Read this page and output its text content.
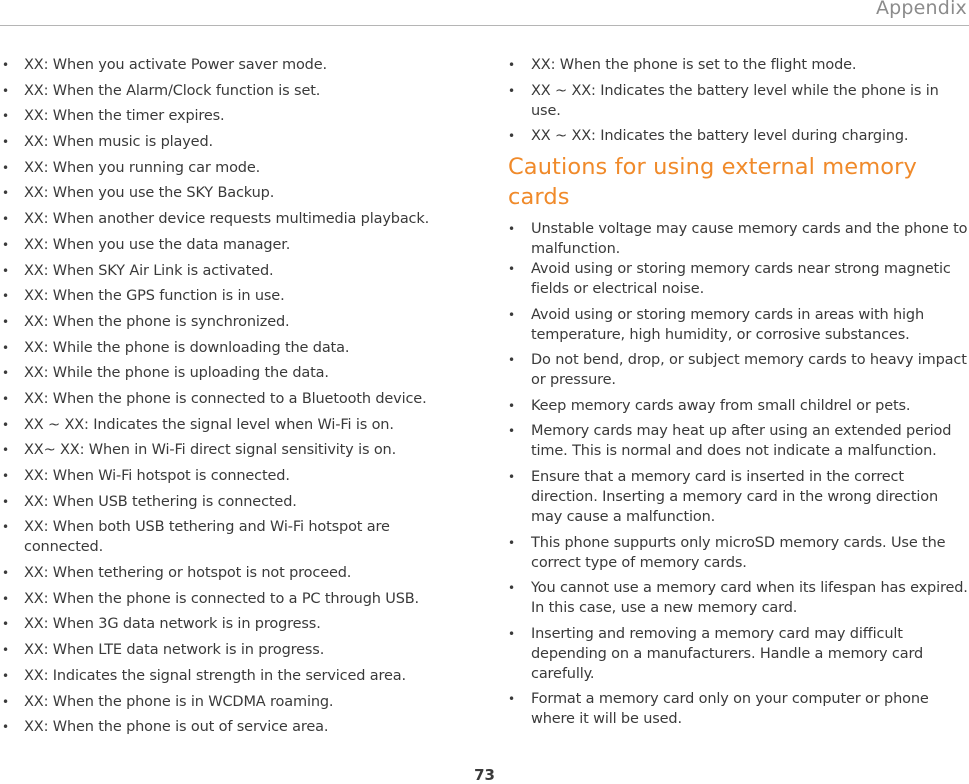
Appendix
• XX: When you activate Power saver mode.
• XX: When the Alarm/Clock function is set.
• XX: When the timer expires.
• XX: When music is played.
• XX: When you running car mode.
• XX: When you use the SKY Backup.
• XX: When another device requests multimedia playback.
• XX: When you use the data manager.
• XX: When SKY Air Link is activated.
• XX: When the GPS function is in use.
• XX: When the phone is synchronized.
• XX: While the phone is downloading the data.
• XX: While the phone is uploading the data.
• XX: When the phone is connected to a Bluetooth device.
• XX ~ XX: Indicates the signal level when Wi-Fi is on.
• XX~ XX: When in Wi-Fi direct signal sensitivity is on.
• XX: When Wi-Fi hotspot is connected.
• XX: When USB tethering is connected.
• XX: When both USB tethering and Wi-Fi hotspot are connected.
• XX: When tethering or hotspot is not proceed.
• XX: When the phone is connected to a PC through USB.
• XX: When 3G data network is in progress.
• XX: When LTE data network is in progress.
• XX: Indicates the signal strength in the serviced area.
• XX: When the phone is in WCDMA roaming.
• XX: When the phone is out of service area.
• XX: When the phone is set to the flight mode.
• XX ~ XX: Indicates the battery level while the phone is in use.
• XX ~ XX: Indicates the battery level during charging.
Cautions for using external memory cards
• Unstable voltage may cause memory cards and the phone to malfunction.
• Avoid using or storing memory cards near strong magnetic fields or electrical noise.
• Avoid using or storing memory cards in areas with high temperature, high humidity, or corrosive substances.
• Do not bend, drop, or subject memory cards to heavy impact or pressure.
• Keep memory cards away from small childrel or pets.
• Memory cards may heat up after using an extended period time. This is normal and does not indicate a malfunction.
• Ensure that a memory card is inserted in the correct direction. Inserting a memory card in the wrong direction may cause a malfunction.
• This phone suppurts only microSD memory cards. Use the correct type of memory cards.
• You cannot use a memory card when its lifespan has expired. In this case, use a new memory card.
• Inserting and removing a memory card may difficult depending on a manufacturers. Handle a memory card carefully.
• Format a memory card only on your computer or phone where it will be used.
73
